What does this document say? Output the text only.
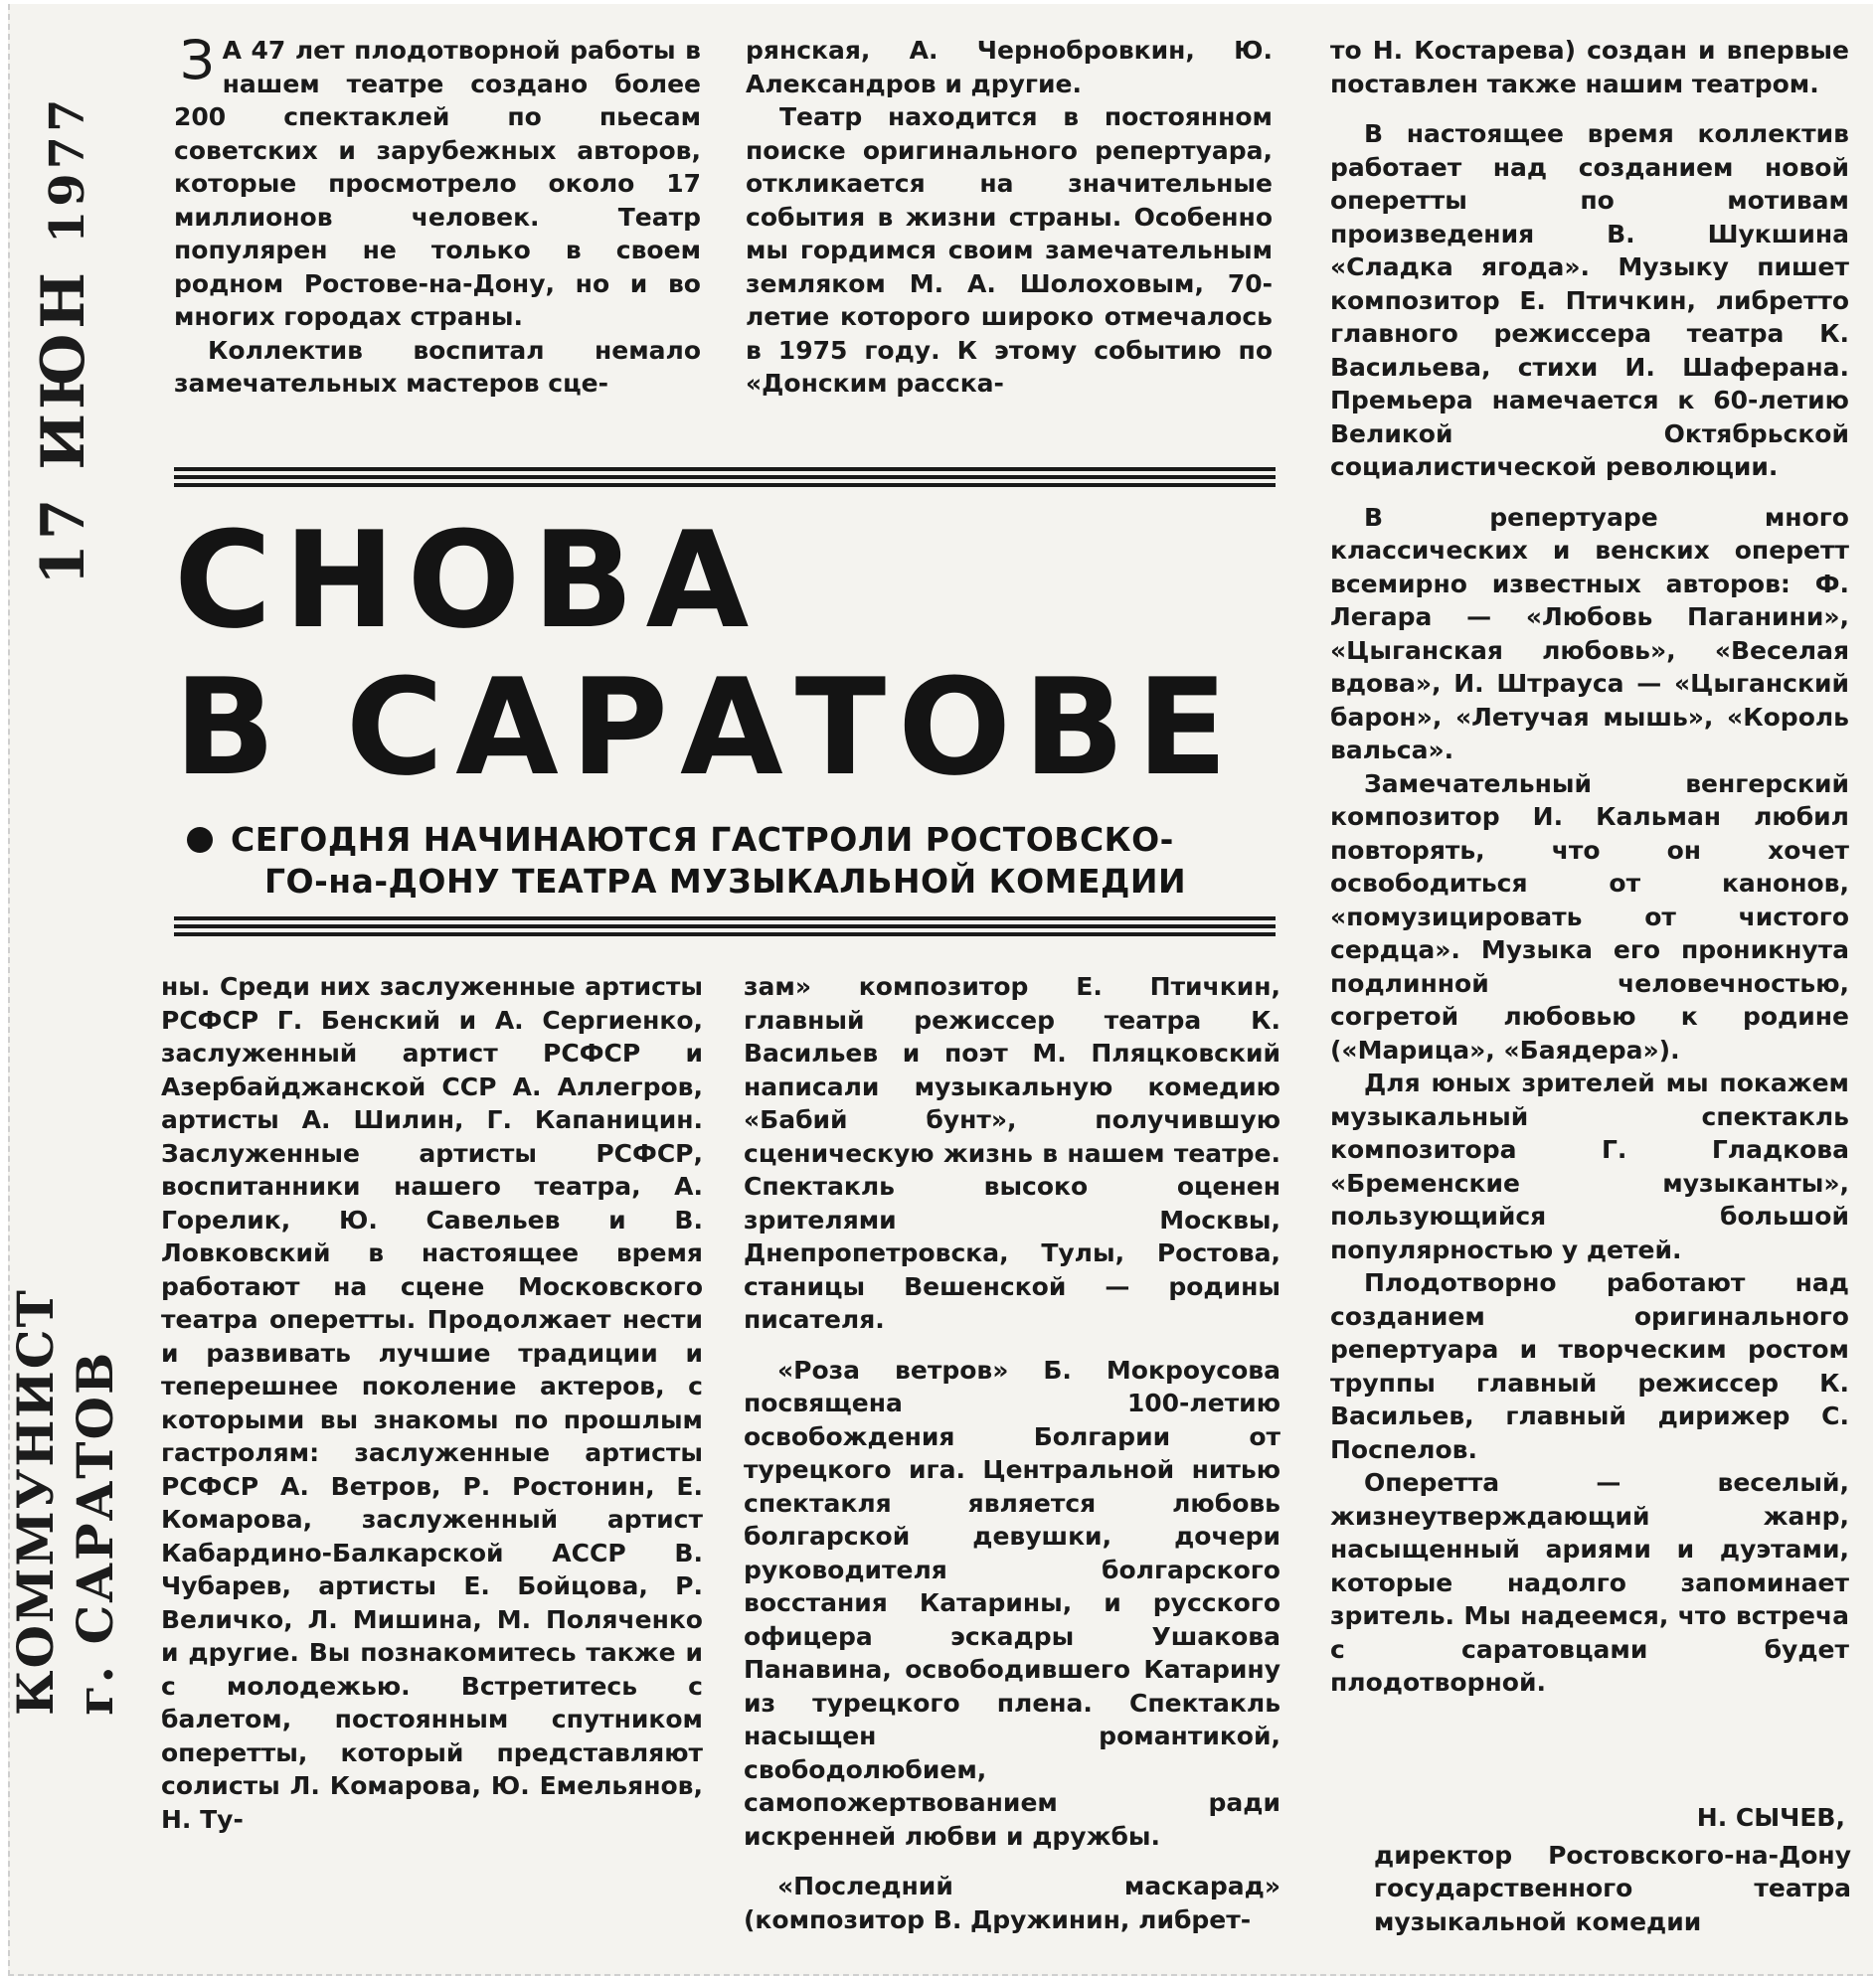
17 ИЮН 1977
КОММУНИСТ г. САРАТОВ

З А 47 лет плодотворной работы в нашем театре создано более 200 спектаклей по пьесам советских и зарубежных авторов, которые просмотрело около 17 миллионов человек. Театр популярен не только в своем родном Ростове-на-Дону, но и во многих городах страны.

Коллектив воспитал немало замечательных мастеров сце-

рянская, А. Чернобровкин, Ю. Александров и другие.

Театр находится в постоянном поиске оригинального репертуара, откликается на значительные события в жизни страны. Особенно мы гордимся своим замечательным земляком М. А. Шолоховым, 70-летие которого широко отмечалось в 1975 году. К этому событию по «Донским расска-

СНОВА
В САРАТОВЕ
СЕГОДНЯ НАЧИНАЮТСЯ ГАСТРОЛИ РОСТОВСКО-
ГО-на-ДОНУ ТЕАТРА МУЗЫКАЛЬНОЙ КОМЕДИИ

ны. Среди них заслуженные артисты РСФСР Г. Бенский и А. Сергиенко, заслуженный артист РСФСР и Азербайджанской ССР А. Аллегров, артисты А. Шилин, Г. Капаницин. Заслуженные артисты РСФСР, воспитанники нашего театра, А. Горелик, Ю. Савельев и В. Ловковский в настоящее время работают на сцене Московского театра оперетты. Продолжает нести и развивать лучшие традиции и теперешнее поколение актеров, с которыми вы знакомы по прошлым гастролям: заслуженные артисты РСФСР А. Ветров, Р. Ростонин, Е. Комарова, заслуженный артист Кабардино-Балкарской АССР В. Чубарев, артисты Е. Бойцова, Р. Величко, Л. Мишина, М. Поляченко и другие. Вы познакомитесь также и с молодежью. Встретитесь с балетом, постоянным спутником оперетты, который представляют солисты Л. Комарова, Ю. Емельянов, Н. Ту-

зам» композитор Е. Птичкин, главный режиссер театра К. Васильев и поэт М. Пляцковский написали музыкальную комедию «Бабий бунт», получившую сценическую жизнь в нашем театре. Спектакль высоко оценен зрителями Москвы, Днепропетровска, Тулы, Ростова, станицы Вешенской — родины писателя.

«Роза ветров» Б. Мокроусова посвящена 100-летию освобождения Болгарии от турецкого ига. Центральной нитью спектакля является любовь болгарской девушки, дочери руководителя болгарского восстания Катарины, и русского офицера эскадры Ушакова Панавина, освободившего Катарину из турецкого плена. Спектакль насыщен романтикой, свободолюбием, самопожертвованием ради искренней любви и дружбы.

«Последний маскарад» (композитор В. Дружинин, либрет-

то Н. Костарева) создан и впервые поставлен также нашим театром.

В настоящее время коллектив работает над созданием новой оперетты по мотивам произведения В. Шукшина «Сладка ягода». Музыку пишет композитор Е. Птичкин, либретто главного режиссера театра К. Васильева, стихи И. Шаферана. Премьера намечается к 60-летию Великой Октябрьской социалистической революции.

В репертуаре много классических и венских оперетт всемирно известных авторов: Ф. Легара — «Любовь Паганини», «Цыганская любовь», «Веселая вдова», И. Штрауса — «Цыганский барон», «Летучая мышь», «Король вальса».

Замечательный венгерский композитор И. Кальман любил повторять, что он хочет освободиться от канонов, «помузицировать от чистого сердца». Музыка его проникнута подлинной человечностью, согретой любовью к родине («Марица», «Баядера»).

Для юных зрителей мы покажем музыкальный спектакль композитора Г. Гладкова «Бременские музыканты», пользующийся большой популярностью у детей.

Плодотворно работают над созданием оригинального репертуара и творческим ростом труппы главный режиссер К. Васильев, главный дирижер С. Поспелов.

Оперетта — веселый, жизнеутверждающий жанр, насыщенный ариями и дуэтами, которые надолго запоминает зритель. Мы надеемся, что встреча с саратовцами будет плодотворной.

Н. СЫЧЕВ,
директор Ростовского-на-Дону государственного театра музыкальной комедии
